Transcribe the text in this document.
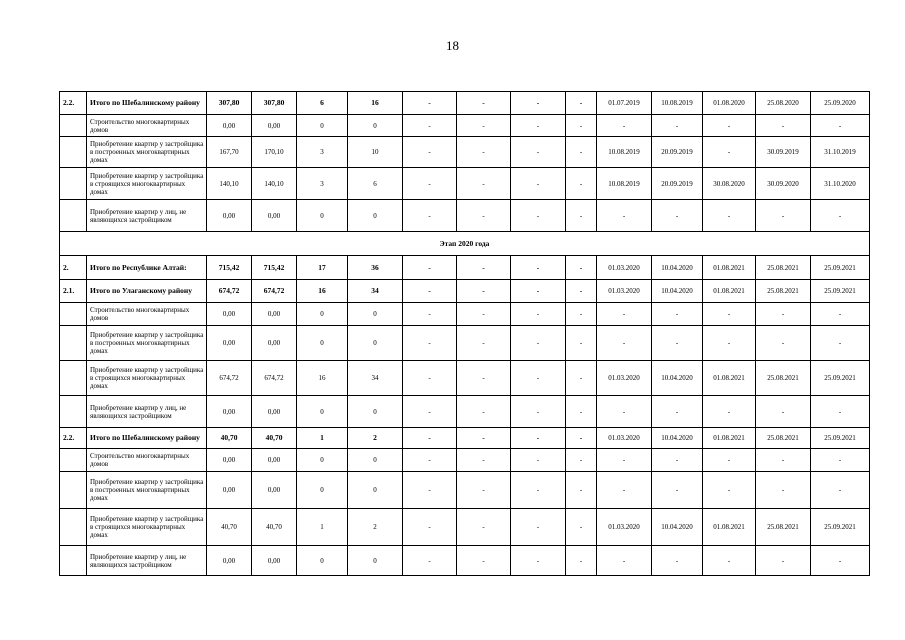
18
2.2.	Итого по Шебалинскому району	307,80	307,80	6	16	-	-	-	-	01.07.2019	10.08.2019	01.08.2020	25.08.2020	25.09.2020
	Строительство многоквартирных домов	0,00	0,00	0	0	-	-	-	-	-	-	-	-	-
	Приобретение квартир у застройщика в построенных многоквартирных домах	167,70	170,10	3	10	-	-	-	-	10.08.2019	20.09.2019	-	30.09.2019	31.10.2019
	Приобретение квартир у застройщика в строящихся многоквартирных домах	140,10	140,10	3	6	-	-	-	-	10.08.2019	20.09.2019	30.08.2020	30.09.2020	31.10.2020
	Приобретение квартир у лиц, не являющихся застройщиком	0,00	0,00	0	0	-	-	-	-	-	-	-	-	-
Этап 2020 года														
2.	Итого по Республике Алтай:	715,42	715,42	17	36	-	-	-	-	01.03.2020	10.04.2020	01.08.2021	25.08.2021	25.09.2021
2.1.	Итого по Улаганскому району	674,72	674,72	16	34	-	-	-	-	01.03.2020	10.04.2020	01.08.2021	25.08.2021	25.09.2021
	Строительство многоквартирных домов	0,00	0,00	0	0	-	-	-	-	-	-	-	-	-
	Приобретение квартир у застройщика в построенных многоквартирных домах	0,00	0,00	0	0	-	-	-	-	-	-	-	-	-
	Приобретение квартир у застройщика в строящихся многоквартирных домах	674,72	674,72	16	34	-	-	-	-	01.03.2020	10.04.2020	01.08.2021	25.08.2021	25.09.2021
	Приобретение квартир у лиц, не являющихся застройщиком	0,00	0,00	0	0	-	-	-	-	-	-	-	-	-
2.2.	Итого по Шебалинскому району	40,70	40,70	1	2	-	-	-	-	01.03.2020	10.04.2020	01.08.2021	25.08.2021	25.09.2021
	Строительство многоквартирных домов	0,00	0,00	0	0	-	-	-	-	-	-	-	-	-
	Приобретение квартир у застройщика в построенных многоквартирных домах	0,00	0,00	0	0	-	-	-	-	-	-	-	-	-
	Приобретение квартир у застройщика в строящихся многоквартирных домах	40,70	40,70	1	2	-	-	-	-	01.03.2020	10.04.2020	01.08.2021	25.08.2021	25.09.2021
	Приобретение квартир у лиц, не являющихся застройщиком	0,00	0,00	0	0	-	-	-	-	-	-	-	-	-
